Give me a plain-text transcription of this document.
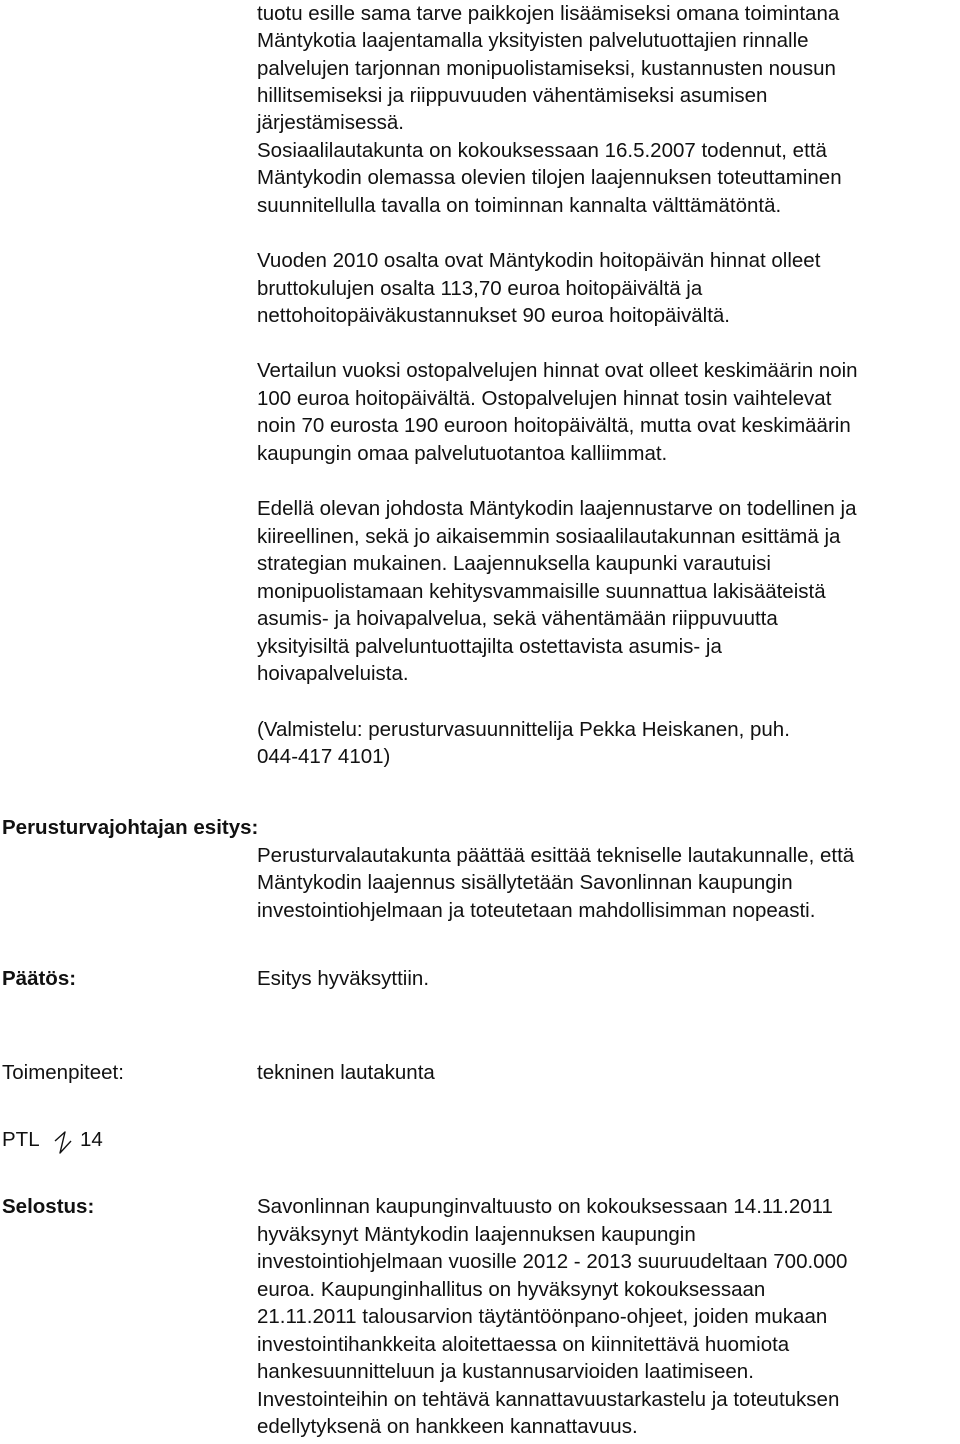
tuotu esille sama tarve paikkojen lisäämiseksi omana toimintana
Mäntykotia laajentamalla yksityisten palvelutuottajien rinnalle
palvelujen tarjonnan monipuolistamiseksi, kustannusten nousun
hillitsemiseksi ja riippuvuuden vähentämiseksi asumisen
järjestämisessä.
Sosiaalilautakunta on kokouksessaan 16.5.2007 todennut, että
Mäntykodin olemassa olevien tilojen laajennuksen toteuttaminen
suunnitellulla tavalla on toiminnan kannalta välttämätöntä.
Vuoden 2010 osalta ovat Mäntykodin hoitopäivän hinnat olleet
bruttokulujen osalta 113,70 euroa hoitopäivältä ja
nettohoitopäiväkustannukset 90 euroa hoitopäivältä.
Vertailun vuoksi ostopalvelujen hinnat ovat olleet keskimäärin noin
100 euroa hoitopäivältä. Ostopalvelujen hinnat tosin vaihtelevat
noin 70 eurosta 190 euroon hoitopäivältä, mutta ovat keskimäärin
kaupungin omaa palvelutuotantoa kalliimmat.
Edellä olevan johdosta Mäntykodin laajennustarve on todellinen ja
kiireellinen, sekä jo aikaisemmin sosiaalilautakunnan esittämä ja
strategian mukainen. Laajennuksella kaupunki varautuisi
monipuolistamaan kehitysvammaisille suunnattua lakisääteistä
asumis- ja hoivapalvelua, sekä vähentämään riippuvuutta
yksityisiltä palveluntuottajilta ostettavista asumis- ja
hoivapalveluista.
(Valmistelu: perusturvasuunnittelija Pekka Heiskanen, puh.
044-417 4101)
Perusturvajohtajan esitys:
Perusturvalautakunta päättää esittää tekniselle lautakunnalle, että
Mäntykodin laajennus sisällytetään Savonlinnan kaupungin
investointiohjelmaan ja toteutetaan mahdollisimman nopeasti.
Päätös:	Esitys hyväksyttiin.
Toimenpiteet:	tekninen lautakunta
PTL 14
Selostus:	Savonlinnan kaupunginvaltuusto on kokouksessaan 14.11.2011
hyväksynyt Mäntykodin laajennuksen kaupungin
investointiohjelmaan vuosille 2012 - 2013 suuruudeltaan 700.000
euroa. Kaupunginhallitus on hyväksynyt kokouksessaan
21.11.2011 talousarvion täytäntöönpano-ohjeet, joiden mukaan
investointihankkeita aloitettaessa on kiinnitettävä huomiota
hankesuunnitteluun ja kustannusarvioiden laatimiseen.
Investointeihin on tehtävä kannattavuustarkastelu ja toteutuksen
edellytyksenä on hankkeen kannattavuus.
